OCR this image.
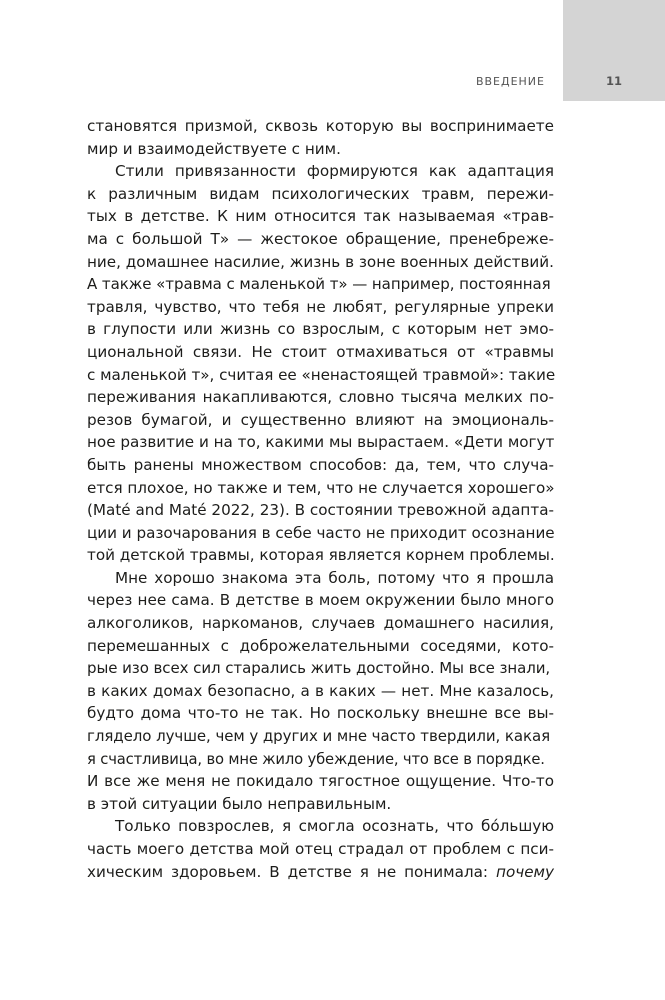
ВВЕДЕНИЕ	11
становятся призмой, сквозь которую вы воспринимаете
мир и взаимодействуете с ним.
Стили привязанности формируются как адаптация
к различным видам психологических травм, пережи-
тых в детстве. К ним относится так называемая «трав-
ма с большой Т» — жестокое обращение, пренебреже-
ние, домашнее насилие, жизнь в зоне военных действий.
А также «травма с маленькой т» — например, постоянная
травля, чувство, что тебя не любят, регулярные упреки
в глупости или жизнь со взрослым, с которым нет эмо-
циональной связи. Не стоит отмахиваться от «травмы
с маленькой т», считая ее «ненастоящей травмой»: такие
переживания накапливаются, словно тысяча мелких по-
резов бумагой, и существенно влияют на эмоциональ-
ное развитие и на то, какими мы вырастаем. «Дети могут
быть ранены множеством способов: да, тем, что случа-
ется плохое, но также и тем, что не случается хорошего»
(Maté and Maté 2022, 23). В состоянии тревожной адапта-
ции и разочарования в себе часто не приходит осознание
той детской травмы, которая является корнем проблемы.
Мне хорошо знакома эта боль, потому что я прошла
через нее сама. В детстве в моем окружении было много
алкоголиков, наркоманов, случаев домашнего насилия,
перемешанных с доброжелательными соседями, кото-
рые изо всех сил старались жить достойно. Мы все знали,
в каких домах безопасно, а в каких — нет. Мне казалось,
будто дома что-то не так. Но поскольку внешне все вы-
глядело лучше, чем у других и мне часто твердили, какая
я счастливица, во мне жило убеждение, что все в порядке.
И все же меня не покидало тягостное ощущение. Что-то
в этой ситуации было неправильным.
Только повзрослев, я смогла осознать, что бо́льшую
часть моего детства мой отец страдал от проблем с пси-
хическим здоровьем. В детстве я не понимала: почему
